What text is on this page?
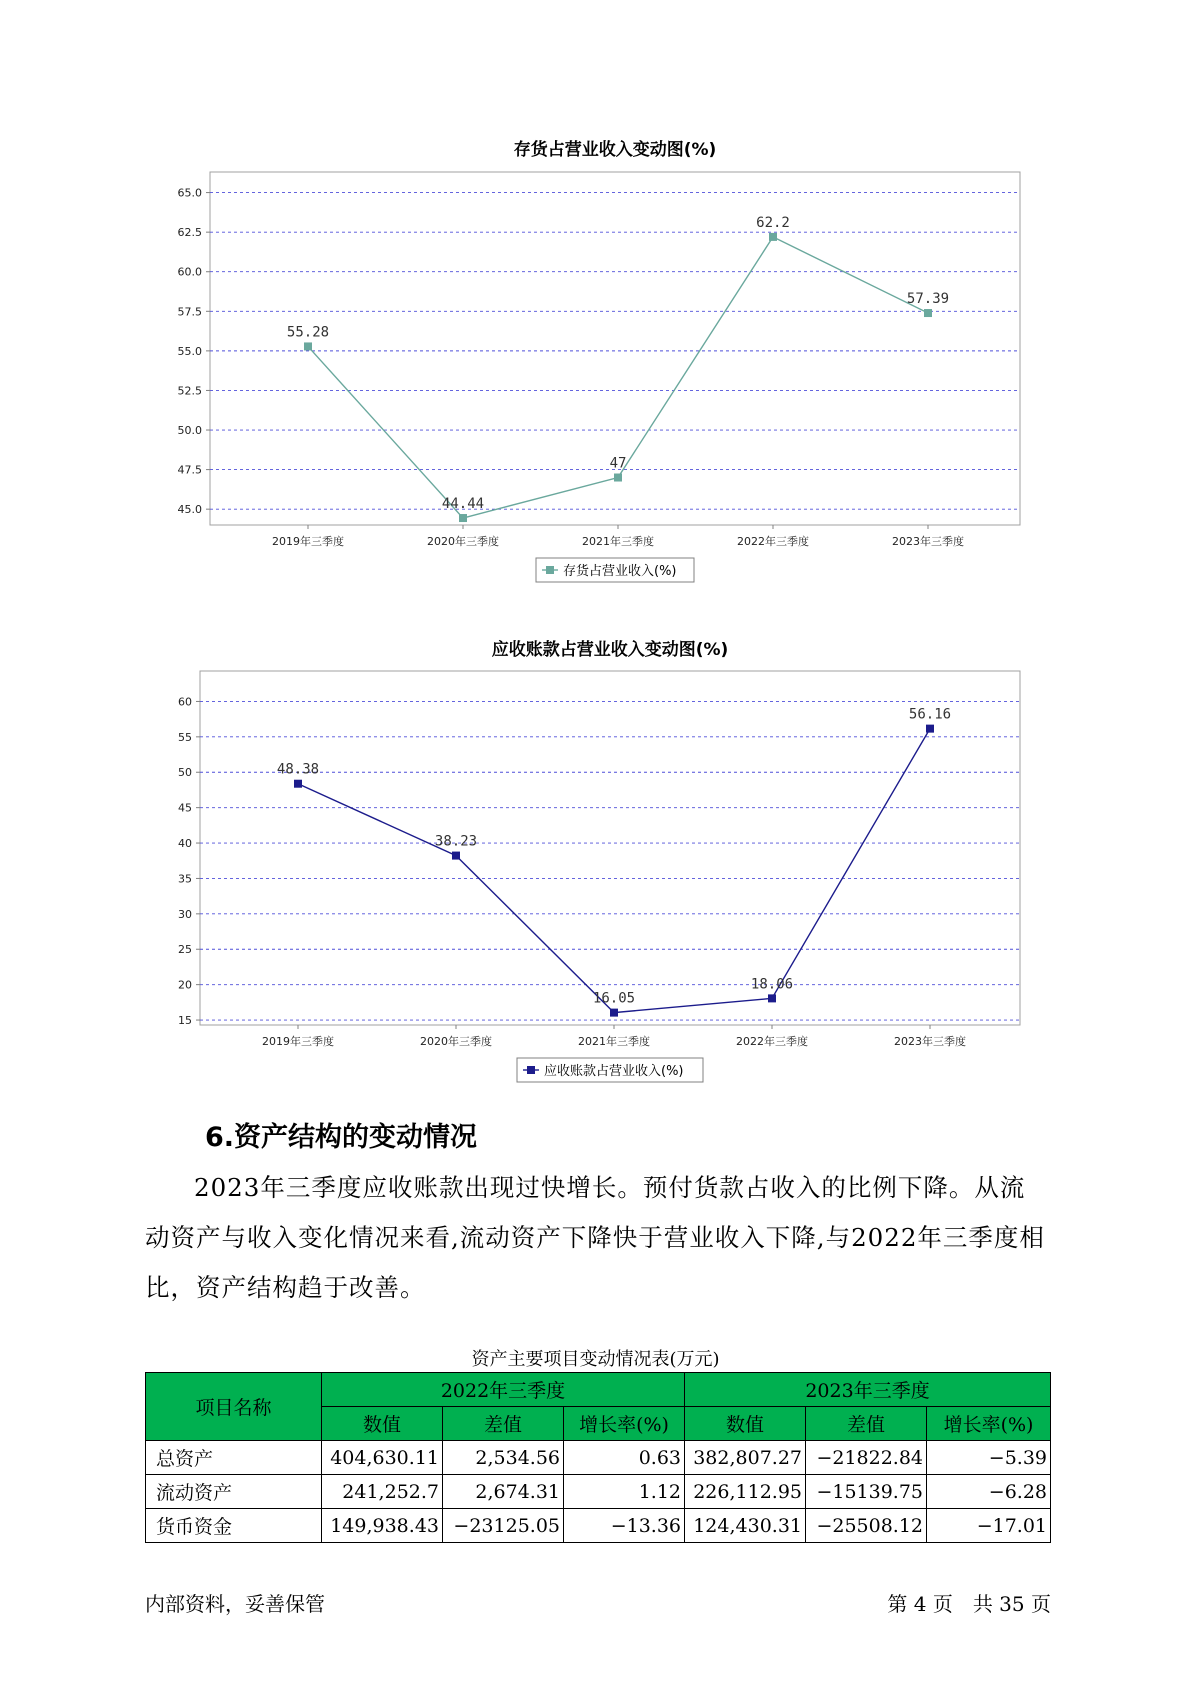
存货占营业收入变动图(%)
45.0
47.5
50.0
52.5
55.0
57.5
60.0
62.5
65.0
2019年三季度	2020年三季度	2021年三季度	2022年三季度	2023年三季度
55.28
44.44
47
62.2
57.39
存货占营业收入(%)
应收账款占营业收入变动图(%)
15
20
25
30
35
40
45
50
55
60
2019年三季度	2020年三季度	2021年三季度	2022年三季度	2023年三季度
48.38
38.23
16.05
18.06
56.16
应收账款占营业收入(%)
6.资产结构的变动情况

2023年三季度应收账款出现过快增长。预付货款占收入的比例下降。从流动资产与收入变化情况来看,流动资产下降快于营业收入下降,与2022年三季度相比，资产结构趋于改善。

资产主要项目变动情况表(万元)
项目名称	2022年三季度			2023年三季度		
	数值	差值	增长率(%)	数值	差值	增长率(%)
总资产	404,630.11	2,534.56	0.63	382,807.27	−21822.84	−5.39
流动资产	241,252.7	2,674.31	1.12	226,112.95	−15139.75	−6.28
货币资金	149,938.43	−23125.05	−13.36	124,430.31	−25508.12	−17.01
内部资料，妥善保管	第 4 页　共 35 页
